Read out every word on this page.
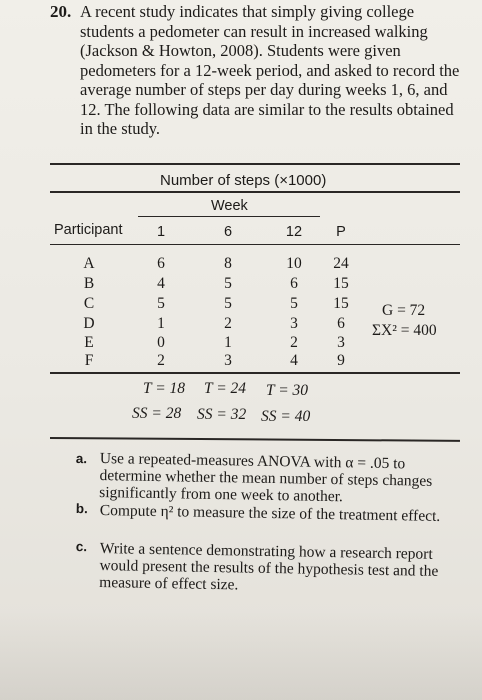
20. A recent study indicates that simply giving college students a pedometer can result in increased walking (Jackson & Howton, 2008). Students were given pedometers for a 12-week period, and asked to record the average number of steps per day during weeks 1, 6, and 12. The following data are similar to the results obtained in the study.

Number of steps (×1000)
Week
Participant	1	6	12	P
A	6	8	10	24
B	4	5	6	15
C	5	5	5	15
D	1	2	3	6
E	0	1	2	3
F	2	3	4	9
G = 72
ΣX² = 400
T = 18 T = 24 T = 30
SS = 28 SS = 32 SS = 40
a. Use a repeated-measures ANOVA with α = .05 to determine whether the mean number of steps changes significantly from one week to another.
b. Compute η² to measure the size of the treatment effect.
c. Write a sentence demonstrating how a research report would present the results of the hypothesis test and the measure of effect size.
